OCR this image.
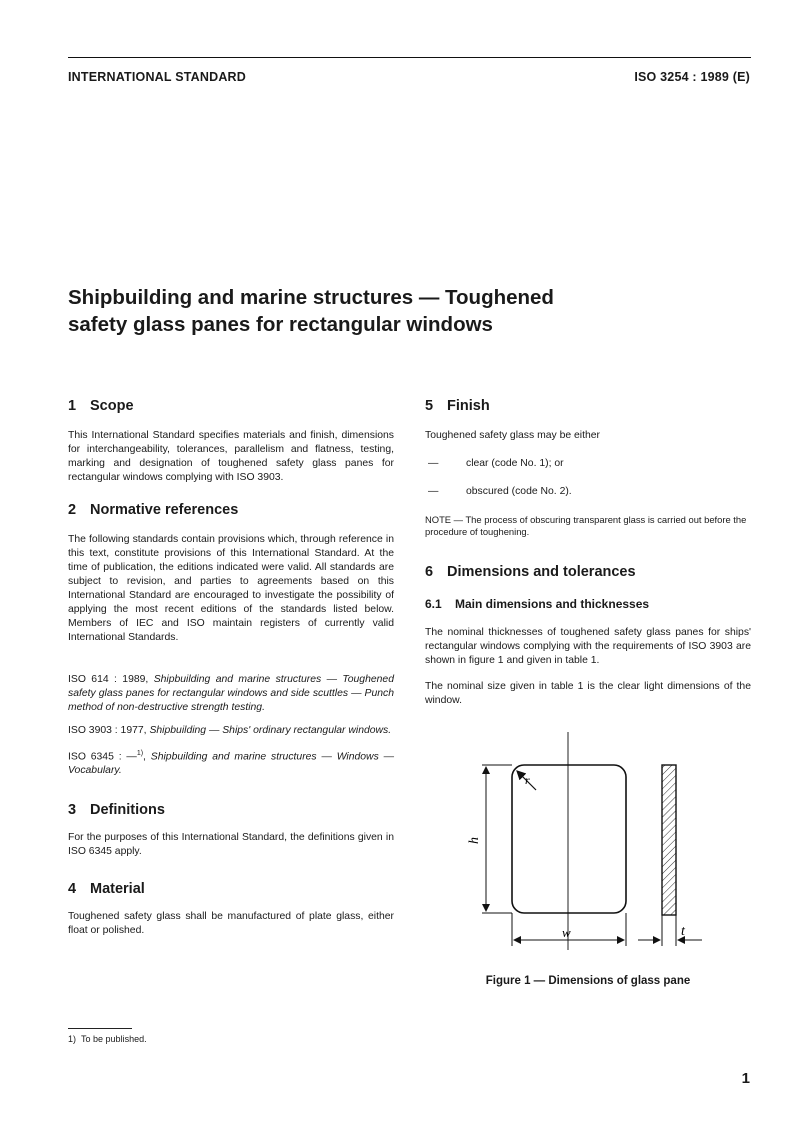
INTERNATIONAL STANDARD	ISO 3254 : 1989 (E)
Shipbuilding and marine structures — Toughened
safety glass panes for rectangular windows
1 Scope

This International Standard specifies materials and finish, dimensions for interchangeability, tolerances, parallelism and flatness, testing, marking and designation of toughened safety glass panes for rectangular windows complying with ISO 3903.

2 Normative references

The following standards contain provisions which, through reference in this text, constitute provisions of this International Standard. At the time of publication, the editions indicated were valid. All standards are subject to revision, and parties to agreements based on this International Standard are encouraged to investigate the possibility of applying the most recent editions of the standards listed below. Members of IEC and ISO maintain registers of currently valid International Standards.

ISO 614 : 1989, Shipbuilding and marine structures — Toughened safety glass panes for rectangular windows and side scuttles — Punch method of non-destructive strength testing.

ISO 3903 : 1977, Shipbuilding — Ships' ordinary rectangular windows.

ISO 6345 : —$^{1)}$, Shipbuilding and marine structures — Windows — Vocabulary.

3 Definitions

For the purposes of this International Standard, the definitions given in ISO 6345 apply.

4 Material

Toughened safety glass shall be manufactured of plate glass, either float or polished.

5 Finish

Toughened safety glass may be either

—	clear (code No. 1); or

—	obscured (code No. 2).

NOTE — The process of obscuring transparent glass is carried out before the procedure of toughening.

6 Dimensions and tolerances
6.1 Main dimensions and thicknesses

The nominal thicknesses of toughened safety glass panes for ships' rectangular windows complying with the requirements of ISO 3903 are shown in figure 1 and given in table 1.

The nominal size given in table 1 is the clear light dimensions of the window.

r
h
w	t
Figure 1 — Dimensions of glass pane
1) To be published.
1
